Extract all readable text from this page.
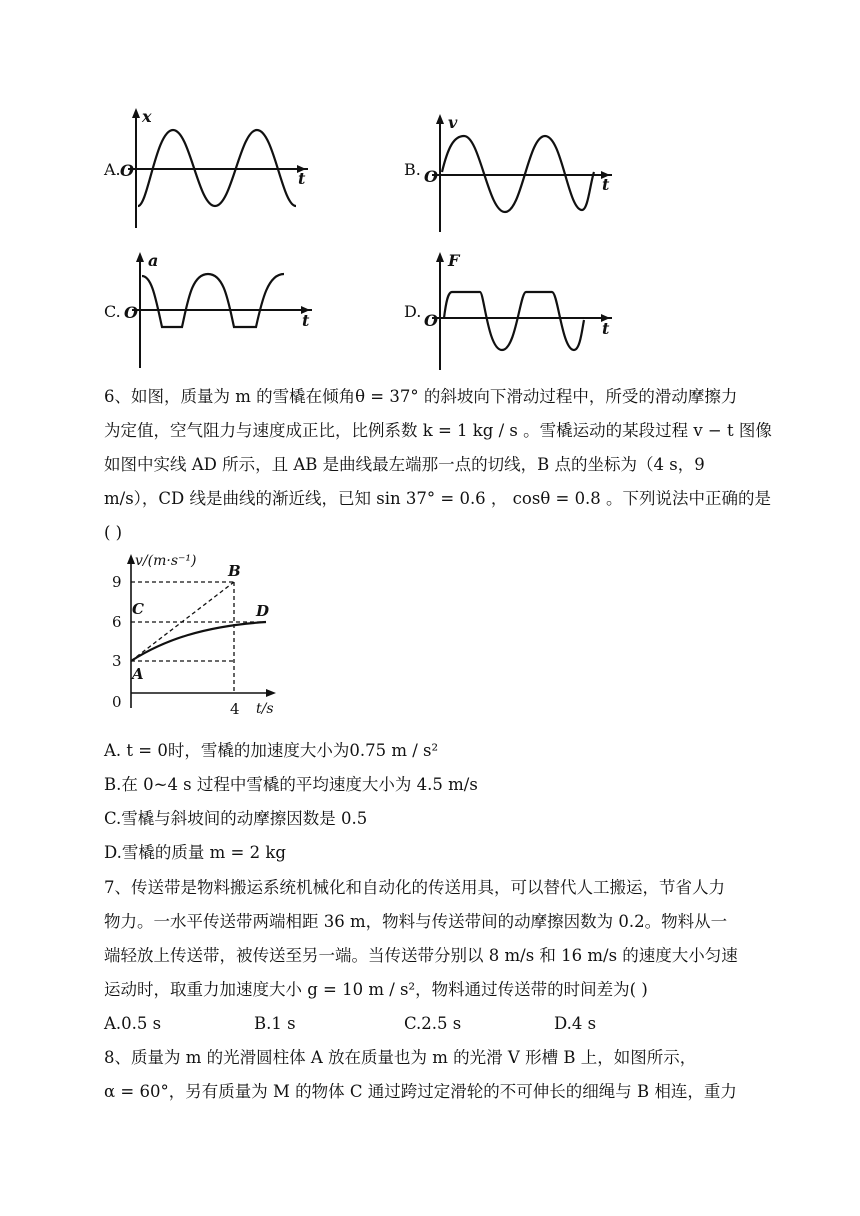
A.
x
t
O	B.
v
t
O
C.
a
t
O	D.
F
t
O
6、如图，质量为 m 的雪橇在倾角θ = 37° 的斜坡向下滑动过程中，所受的滑动摩擦力
为定值，空气阻力与速度成正比，比例系数 k = 1 kg / s 。雪橇运动的某段过程 v − t 图像
如图中实线 AD 所示，且 AB 是曲线最左端那一点的切线，B 点的坐标为（4 s，9
m/s），CD 线是曲线的渐近线，已知 sin 37° = 0.6 ， cosθ = 0.8 。下列说法中正确的是
( )
v/(m·s⁻¹)
t/s
9
6
3
0	4
B
C	D
A
A. t = 0时，雪橇的加速度大小为0.75 m / s²
B.在 0~4 s 过程中雪橇的平均速度大小为 4.5 m/s
C.雪橇与斜坡间的动摩擦因数是 0.5
D.雪橇的质量 m = 2 kg
7、传送带是物料搬运系统机械化和自动化的传送用具，可以替代人工搬运，节省人力
物力。一水平传送带两端相距 36 m，物料与传送带间的动摩擦因数为 0.2。物料从一
端轻放上传送带，被传送至另一端。当传送带分别以 8 m/s 和 16 m/s 的速度大小匀速
运动时，取重力加速度大小 g = 10 m / s²，物料通过传送带的时间差为( )
A.0.5 s	B.1 s	C.2.5 s	D.4 s
8、质量为 m 的光滑圆柱体 A 放在质量也为 m 的光滑 V 形槽 B 上，如图所示，
α = 60°，另有质量为 M 的物体 C 通过跨过定滑轮的不可伸长的细绳与 B 相连，重力
